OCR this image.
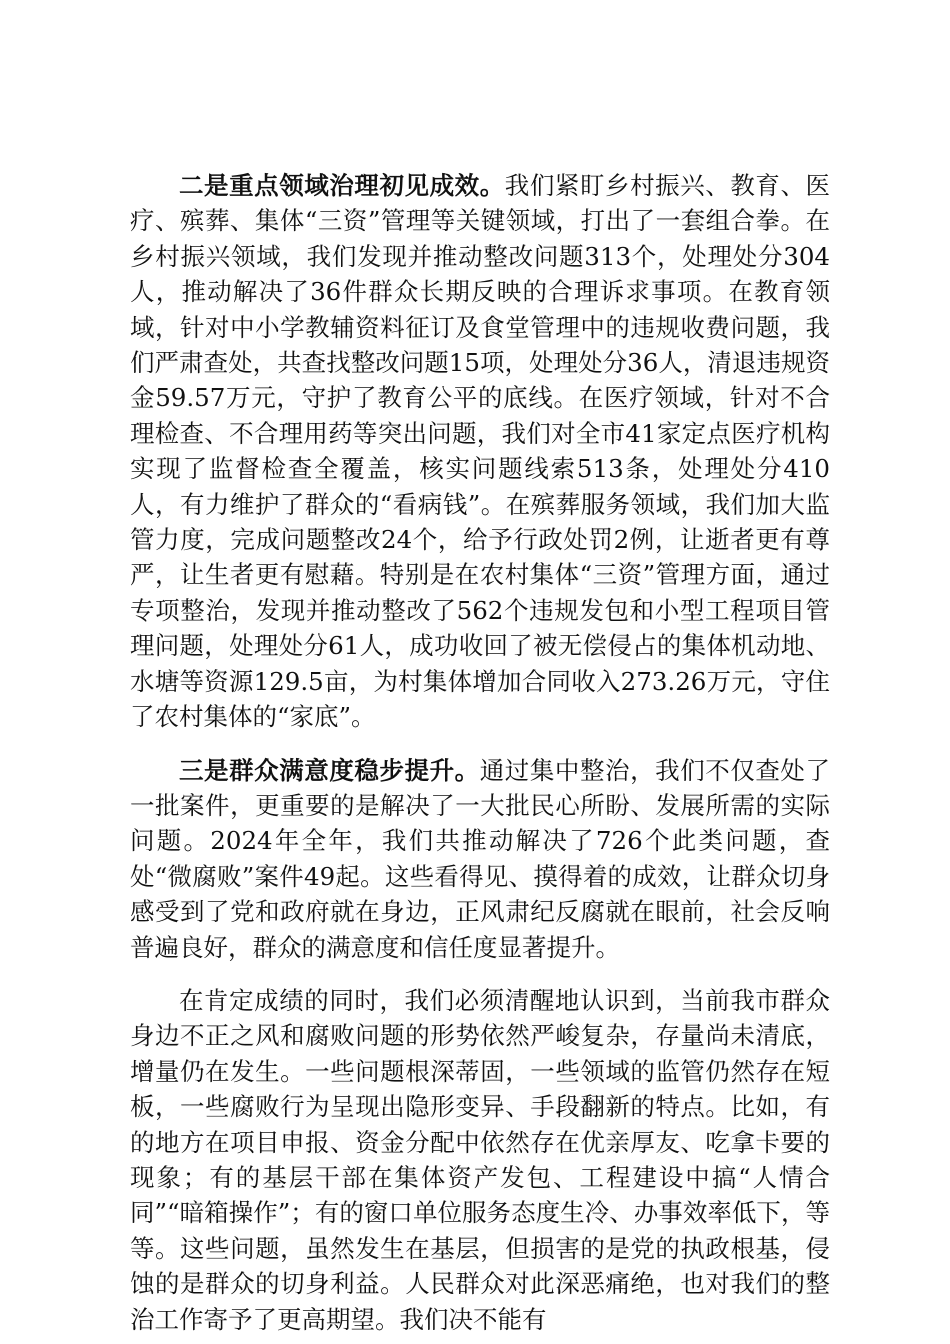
二是重点领域治理初见成效。我们紧盯乡村振兴、教育、医疗、殡葬、集体“三资”管理等关键领域，打出了一套组合拳。在乡村振兴领域，我们发现并推动整改问题313个，处理处分304人，推动解决了36件群众长期反映的合理诉求事项。在教育领域，针对中小学教辅资料征订及食堂管理中的违规收费问题，我们严肃查处，共查找整改问题15项，处理处分36人，清退违规资金59.57万元，守护了教育公平的底线。在医疗领域，针对不合理检查、不合理用药等突出问题，我们对全市41家定点医疗机构实现了监督检查全覆盖，核实问题线索513条，处理处分410人，有力维护了群众的“看病钱”。在殡葬服务领域，我们加大监管力度，完成问题整改24个，给予行政处罚2例，让逝者更有尊严，让生者更有慰藉。特别是在农村集体“三资”管理方面，通过专项整治，发现并推动整改了562个违规发包和小型工程项目管理问题，处理处分61人，成功收回了被无偿侵占的集体机动地、水塘等资源129.5亩，为村集体增加合同收入273.26万元，守住了农村集体的“家底”。

三是群众满意度稳步提升。通过集中整治，我们不仅查处了一批案件，更重要的是解决了一大批民心所盼、发展所需的实际问题。2024年全年，我们共推动解决了726个此类问题，查处“微腐败”案件49起。这些看得见、摸得着的成效，让群众切身感受到了党和政府就在身边，正风肃纪反腐就在眼前，社会反响普遍良好，群众的满意度和信任度显著提升。

在肯定成绩的同时，我们必须清醒地认识到，当前我市群众身边不正之风和腐败问题的形势依然严峻复杂，存量尚未清底，增量仍在发生。一些问题根深蒂固，一些领域的监管仍然存在短板，一些腐败行为呈现出隐形变异、手段翻新的特点。比如，有的地方在项目申报、资金分配中依然存在优亲厚友、吃拿卡要的现象；有的基层干部在集体资产发包、工程建设中搞“人情合同”“暗箱操作”；有的窗口单位服务态度生冷、办事效率低下，等等。这些问题，虽然发生在基层，但损害的是党的执政根基，侵蚀的是群众的切身利益。人民群众对此深恶痛绝，也对我们的整治工作寄予了更高期望。我们决不能有
